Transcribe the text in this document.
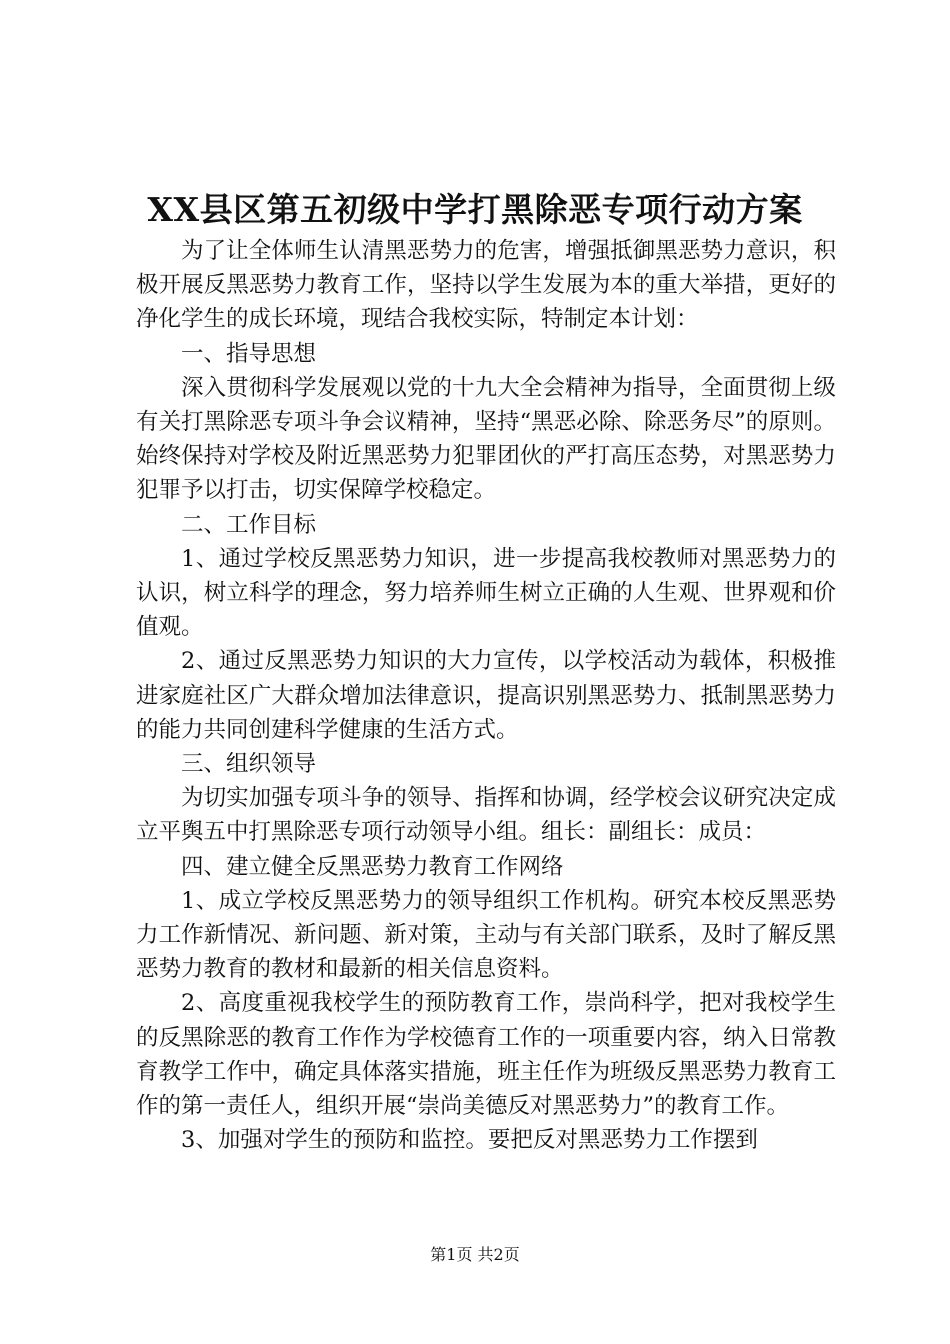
XX县区第五初级中学打黑除恶专项行动方案

为了让全体师生认清黑恶势力的危害，增强抵御黑恶势力意识，积极开展反黑恶势力教育工作，坚持以学生发展为本的重大举措，更好的净化学生的成长环境，现结合我校实际，特制定本计划：

一、指导思想

深入贯彻科学发展观以党的十九大全会精神为指导，全面贯彻上级有关打黑除恶专项斗争会议精神，坚持“黑恶必除、除恶务尽”的原则。始终保持对学校及附近黑恶势力犯罪团伙的严打高压态势，对黑恶势力犯罪予以打击，切实保障学校稳定。

二、工作目标

1、通过学校反黑恶势力知识，进一步提高我校教师对黑恶势力的认识，树立科学的理念，努力培养师生树立正确的人生观、世界观和价值观。

2、通过反黑恶势力知识的大力宣传，以学校活动为载体，积极推进家庭社区广大群众增加法律意识，提高识别黑恶势力、抵制黑恶势力的能力共同创建科学健康的生活方式。

三、组织领导

为切实加强专项斗争的领导、指挥和协调，经学校会议研究决定成立平舆五中打黑除恶专项行动领导小组。组长：副组长：成员：

四、建立健全反黑恶势力教育工作网络

1、成立学校反黑恶势力的领导组织工作机构。研究本校反黑恶势力工作新情况、新问题、新对策，主动与有关部门联系，及时了解反黑恶势力教育的教材和最新的相关信息资料。

2、高度重视我校学生的预防教育工作，崇尚科学，把对我校学生的反黑除恶的教育工作作为学校德育工作的一项重要内容，纳入日常教育教学工作中，确定具体落实措施，班主任作为班级反黑恶势力教育工作的第一责任人，组织开展“崇尚美德反对黑恶势力”的教育工作。

3、加强对学生的预防和监控。要把反对黑恶势力工作摆到

第1页 共2页
